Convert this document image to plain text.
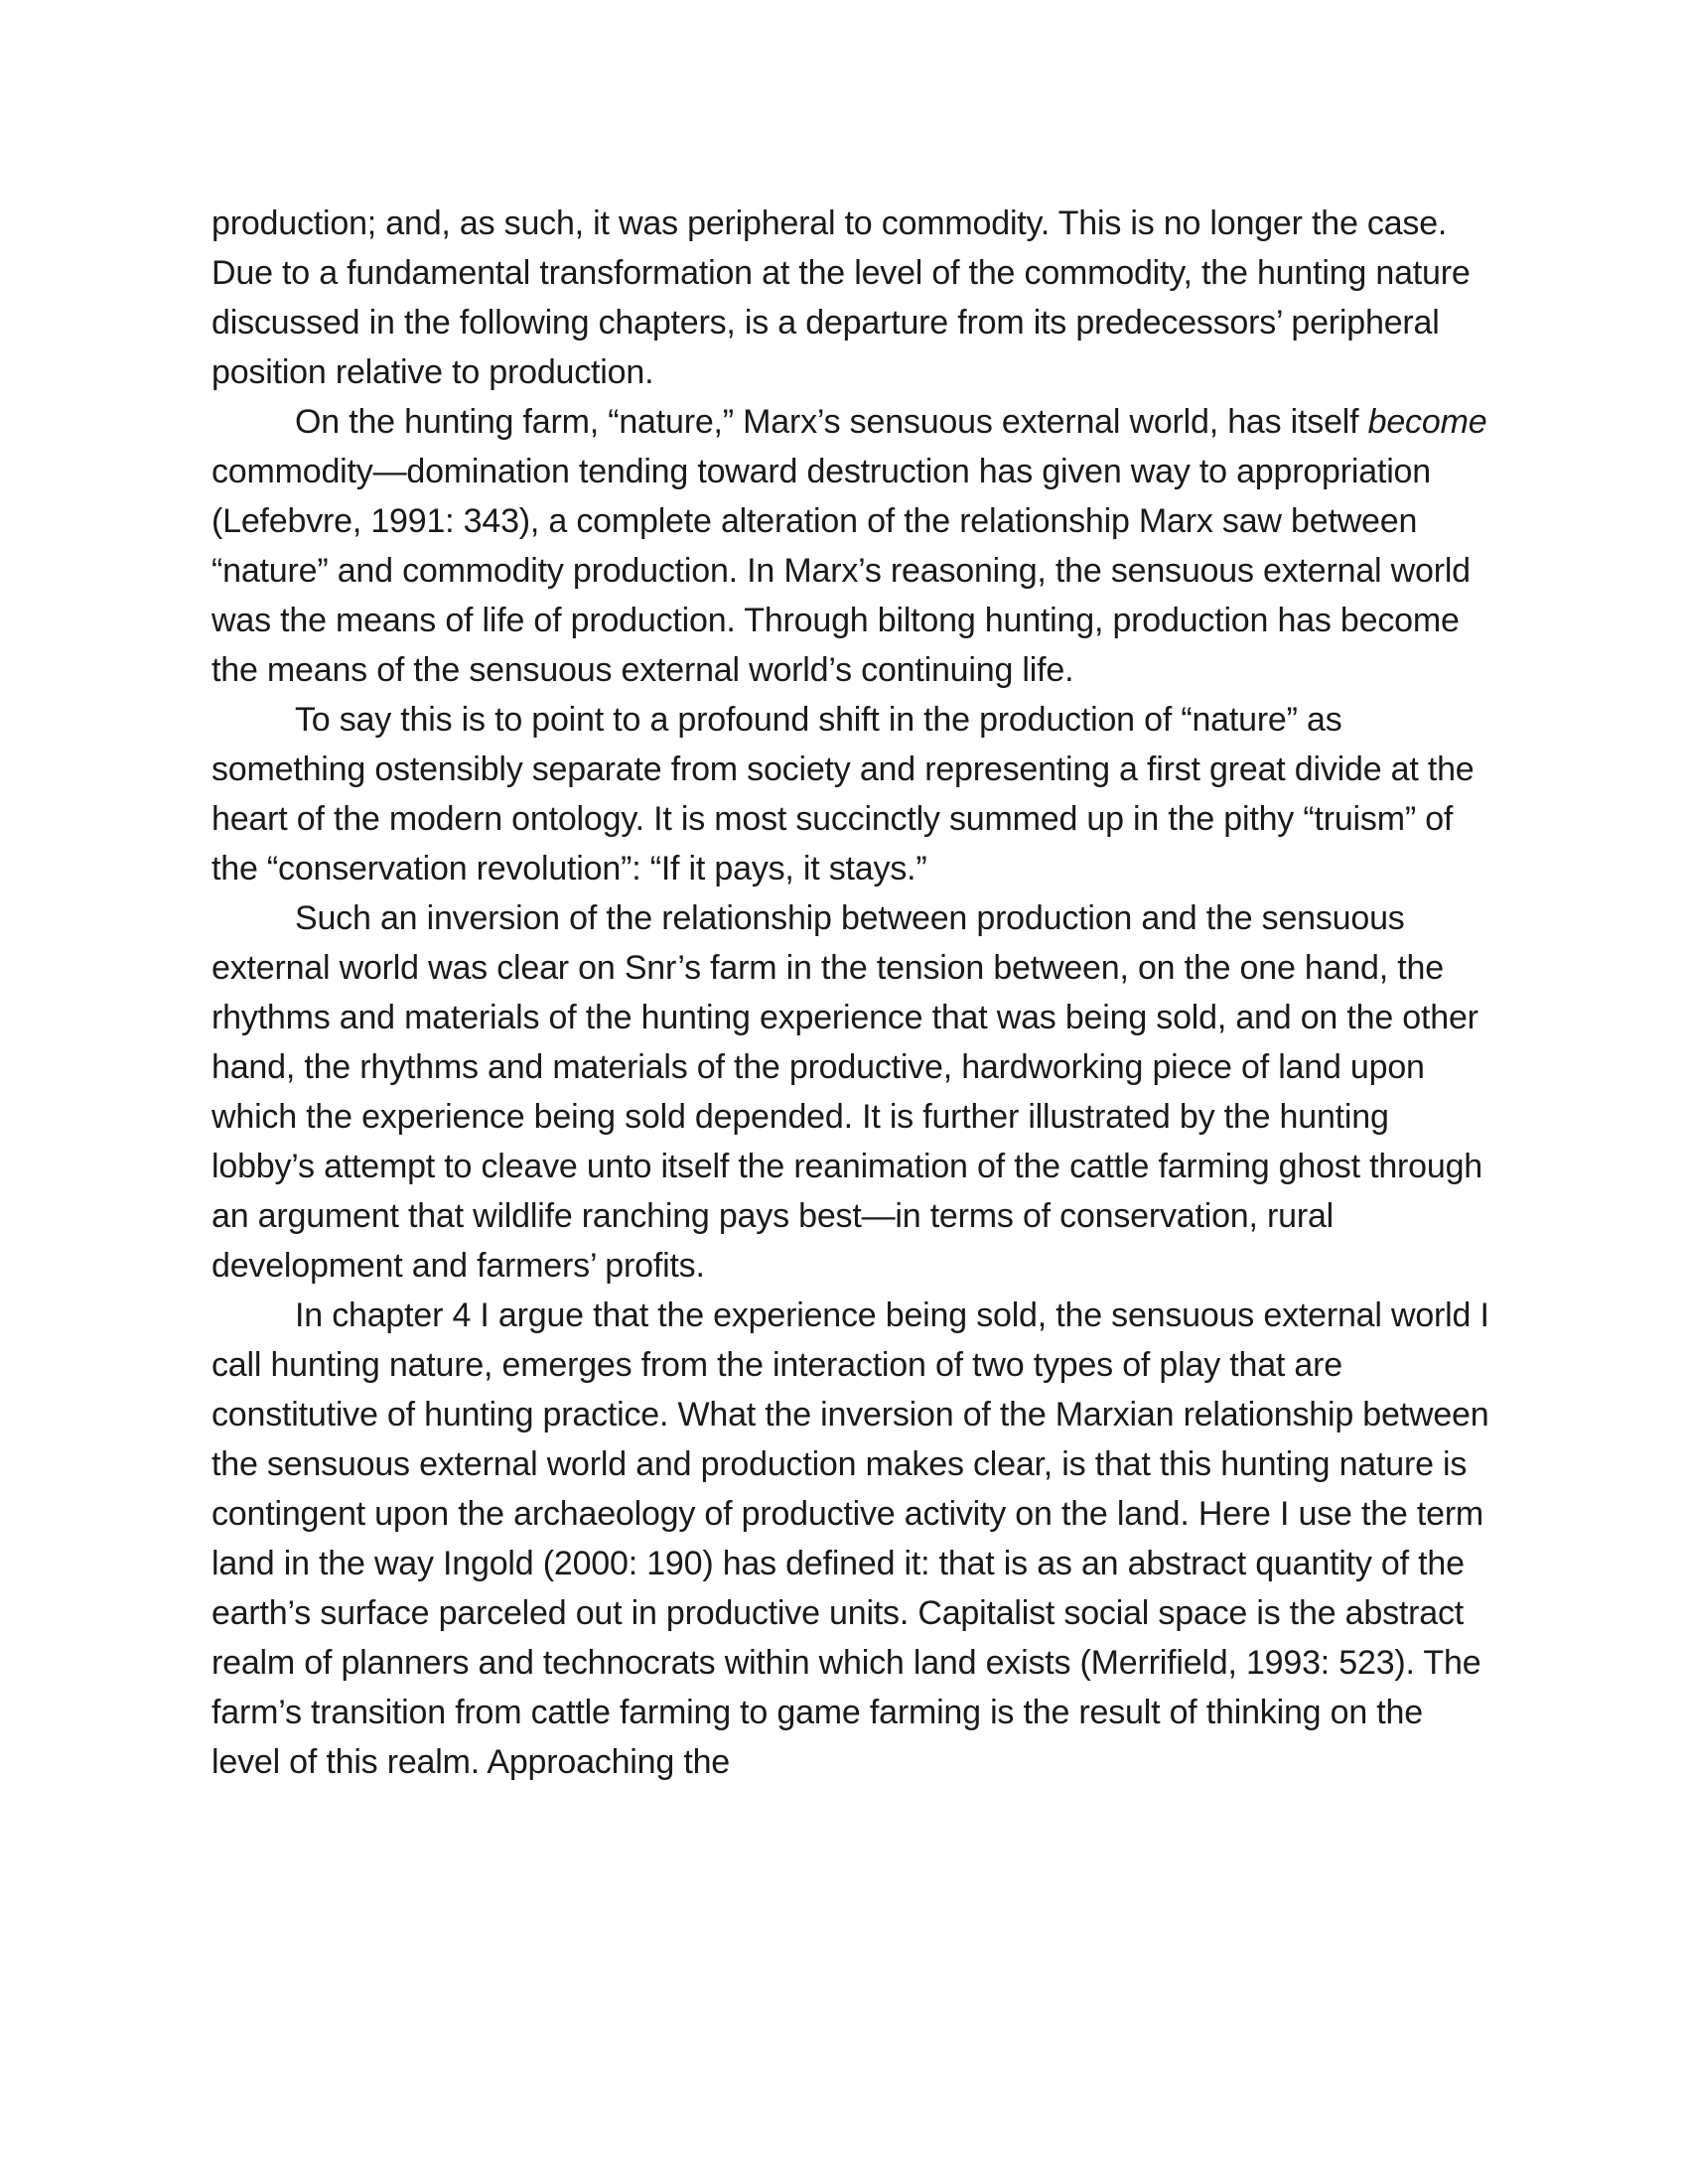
production; and, as such, it was peripheral to commodity. This is no longer the case. Due to a fundamental transformation at the level of the commodity, the hunting nature discussed in the following chapters, is a departure from its predecessors’ peripheral position relative to production.

On the hunting farm, “nature,” Marx’s sensuous external world, has itself become commodity—domination tending toward destruction has given way to appropriation (Lefebvre, 1991: 343), a complete alteration of the relationship Marx saw between “nature” and commodity production. In Marx’s reasoning, the sensuous external world was the means of life of production. Through biltong hunting, production has become the means of the sensuous external world’s continuing life.

To say this is to point to a profound shift in the production of “nature” as something ostensibly separate from society and representing a first great divide at the heart of the modern ontology. It is most succinctly summed up in the pithy “truism” of the “conservation revolution”: “If it pays, it stays.”

Such an inversion of the relationship between production and the sensuous external world was clear on Snr’s farm in the tension between, on the one hand, the rhythms and materials of the hunting experience that was being sold, and on the other hand, the rhythms and materials of the productive, hardworking piece of land upon which the experience being sold depended. It is further illustrated by the hunting lobby’s attempt to cleave unto itself the reanimation of the cattle farming ghost through an argument that wildlife ranching pays best—in terms of conservation, rural development and farmers’ profits.

In chapter 4 I argue that the experience being sold, the sensuous external world I call hunting nature, emerges from the interaction of two types of play that are constitutive of hunting practice. What the inversion of the Marxian relationship between the sensuous external world and production makes clear, is that this hunting nature is contingent upon the archaeology of productive activity on the land. Here I use the term land in the way Ingold (2000: 190) has defined it: that is as an abstract quantity of the earth’s surface parceled out in productive units. Capitalist social space is the abstract realm of planners and technocrats within which land exists (Merrifield, 1993: 523). The farm’s transition from cattle farming to game farming is the result of thinking on the level of this realm. Approaching the
